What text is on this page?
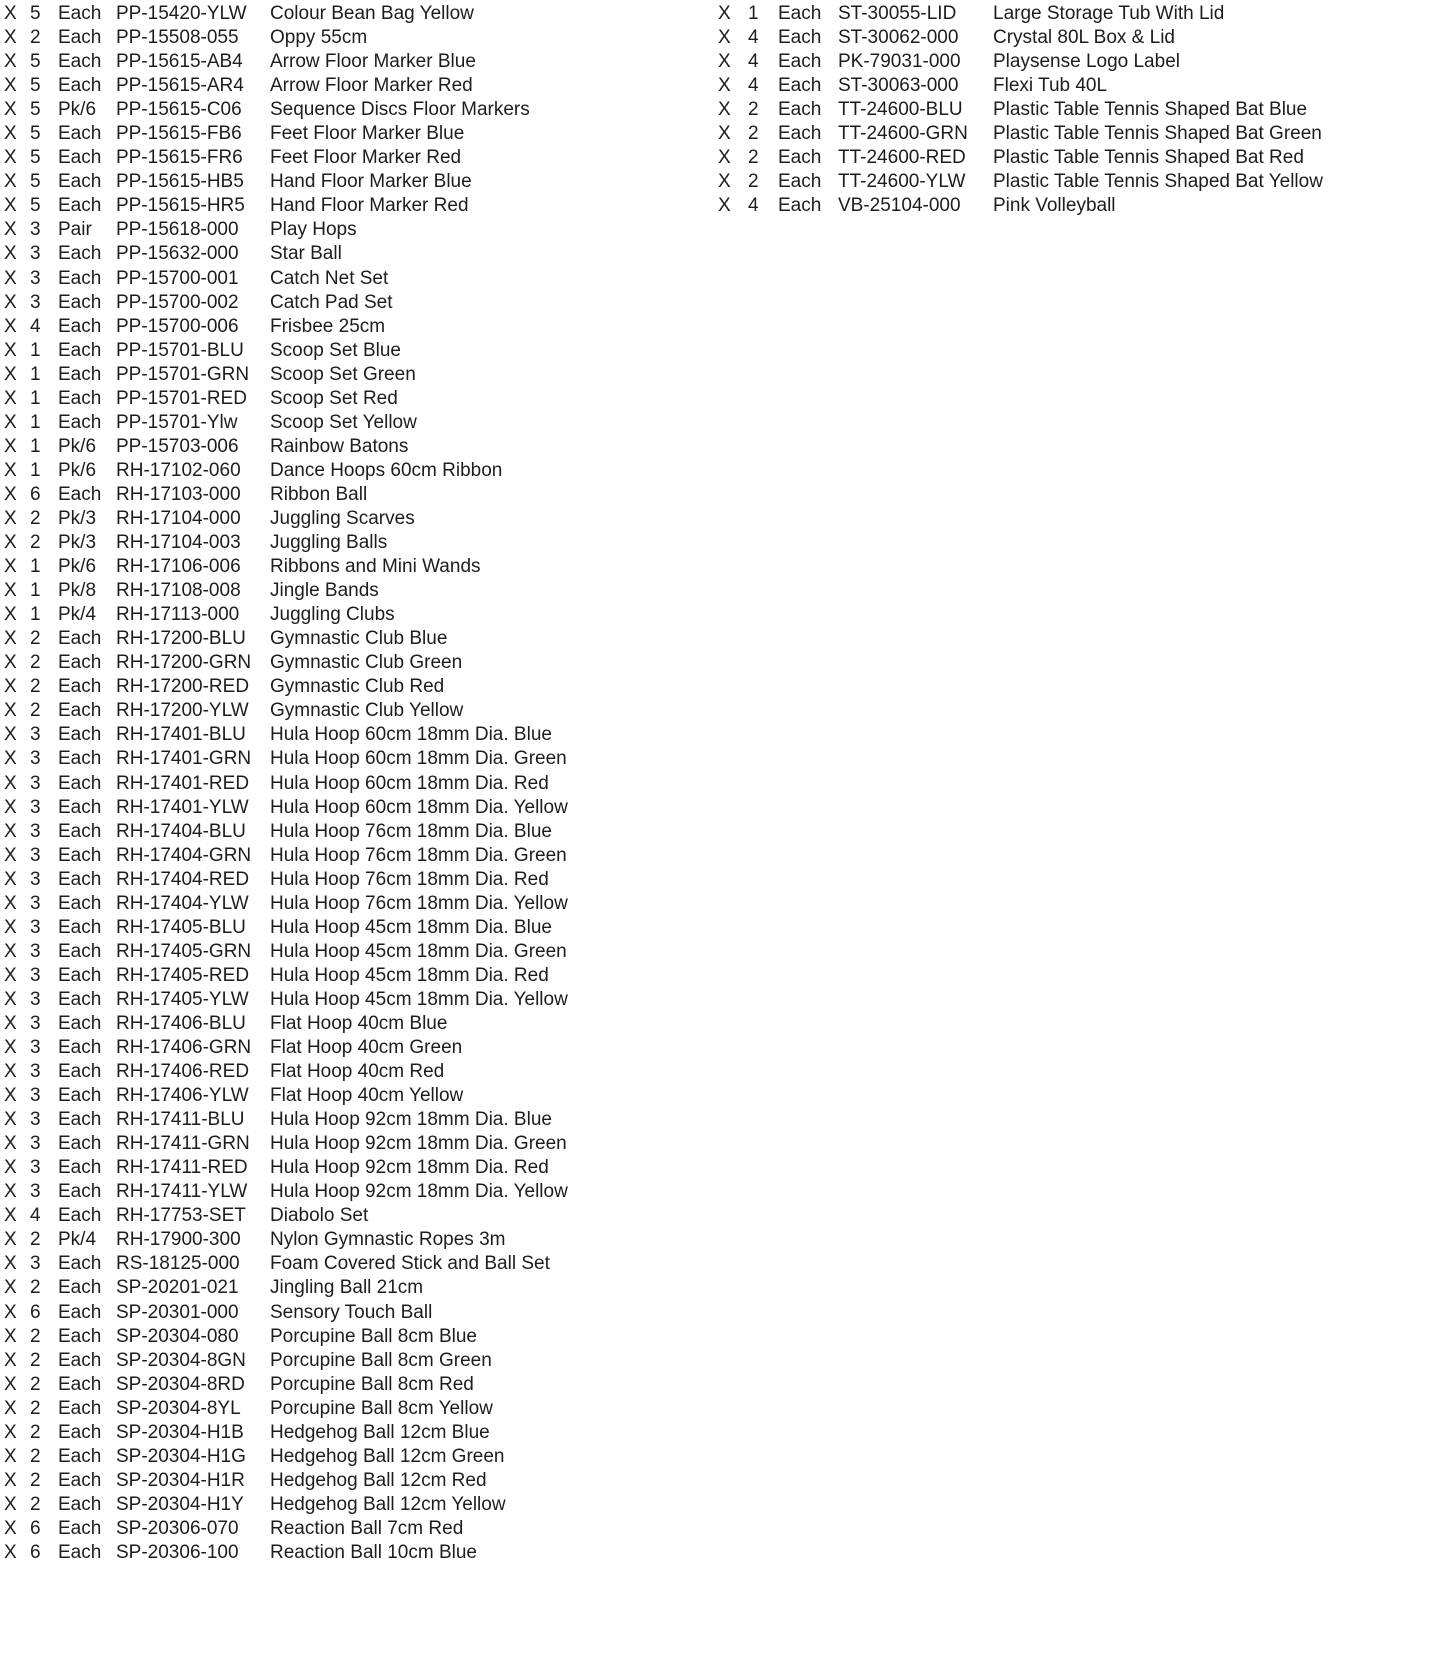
X 5 Each PP-15420-YLW	Colour Bean Bag Yellow
X 2 Each PP-15508-055	Oppy 55cm
X 5 Each PP-15615-AB4	Arrow Floor Marker Blue
X 5 Each PP-15615-AR4	Arrow Floor Marker Red
X 5 Pk/6	PP-15615-C06	Sequence Discs Floor Markers
X 5 Each PP-15615-FB6	Feet Floor Marker Blue
X 5 Each PP-15615-FR6	Feet Floor Marker Red
X 5 Each PP-15615-HB5	Hand Floor Marker Blue
X 5 Each PP-15615-HR5	Hand Floor Marker Red
X 3 Pair	PP-15618-000	Play Hops
X 3 Each PP-15632-000	Star Ball
X 3 Each PP-15700-001	Catch Net Set
X 3 Each PP-15700-002	Catch Pad Set
X 4 Each PP-15700-006	Frisbee 25cm
X 1 Each PP-15701-BLU	Scoop Set Blue
X 1 Each PP-15701-GRN	Scoop Set Green
X 1 Each PP-15701-RED	Scoop Set Red
X 1 Each PP-15701-Ylw	Scoop Set Yellow
X 1 Pk/6	PP-15703-006	Rainbow Batons
X 1 Pk/6	RH-17102-060	Dance Hoops 60cm Ribbon
X 6 Each RH-17103-000	Ribbon Ball
X 2 Pk/3	RH-17104-000	Juggling Scarves
X 2 Pk/3	RH-17104-003	Juggling Balls
X 1 Pk/6	RH-17106-006	Ribbons and Mini Wands
X 1 Pk/8	RH-17108-008	Jingle Bands
X 1 Pk/4	RH-17113-000	Juggling Clubs
X 2 Each RH-17200-BLU	Gymnastic Club Blue
X 2 Each RH-17200-GRN Gymnastic Club Green
X 2 Each RH-17200-RED	Gymnastic Club Red
X 2 Each RH-17200-YLW	Gymnastic Club Yellow
X 3 Each RH-17401-BLU	Hula Hoop 60cm 18mm Dia. Blue
X 3 Each RH-17401-GRN Hula Hoop 60cm 18mm Dia. Green
X 3 Each RH-17401-RED	Hula Hoop 60cm 18mm Dia. Red
X 3 Each RH-17401-YLW	Hula Hoop 60cm 18mm Dia. Yellow
X 3 Each RH-17404-BLU	Hula Hoop 76cm 18mm Dia. Blue
X 3 Each RH-17404-GRN Hula Hoop 76cm 18mm Dia. Green
X 3 Each RH-17404-RED	Hula Hoop 76cm 18mm Dia. Red
X 3 Each RH-17404-YLW	Hula Hoop 76cm 18mm Dia. Yellow
X 3 Each RH-17405-BLU	Hula Hoop 45cm 18mm Dia. Blue
X 3 Each RH-17405-GRN Hula Hoop 45cm 18mm Dia. Green
X 3 Each RH-17405-RED	Hula Hoop 45cm 18mm Dia. Red
X 3 Each RH-17405-YLW	Hula Hoop 45cm 18mm Dia. Yellow
X 3 Each RH-17406-BLU	Flat Hoop 40cm Blue
X 3 Each RH-17406-GRN Flat Hoop 40cm Green
X 3 Each RH-17406-RED	Flat Hoop 40cm Red
X 3 Each RH-17406-YLW	Flat Hoop 40cm Yellow
X 3 Each RH-17411-BLU	Hula Hoop 92cm 18mm Dia. Blue
X 3 Each RH-17411-GRN	Hula Hoop 92cm 18mm Dia. Green
X 3 Each RH-17411-RED	Hula Hoop 92cm 18mm Dia. Red
X 3 Each RH-17411-YLW	Hula Hoop 92cm 18mm Dia. Yellow
X 4 Each RH-17753-SET	Diabolo Set
X 2 Pk/4	RH-17900-300	Nylon Gymnastic Ropes 3m
X 3 Each RS-18125-000	Foam Covered Stick and Ball Set
X 2 Each SP-20201-021	Jingling Ball 21cm
X 6 Each SP-20301-000	Sensory Touch Ball
X 2 Each SP-20304-080	Porcupine Ball 8cm Blue
X 2 Each SP-20304-8GN	Porcupine Ball 8cm Green
X 2 Each SP-20304-8RD	Porcupine Ball 8cm Red
X 2 Each SP-20304-8YL	Porcupine Ball 8cm Yellow
X 2 Each SP-20304-H1B	Hedgehog Ball 12cm Blue
X 2 Each SP-20304-H1G	Hedgehog Ball 12cm Green
X 2 Each SP-20304-H1R	Hedgehog Ball 12cm Red
X 2 Each SP-20304-H1Y	Hedgehog Ball 12cm Yellow
X 6 Each SP-20306-070	Reaction Ball 7cm Red
X 6 Each SP-20306-100	Reaction Ball 10cm Blue
X 1	Each ST-30055-LID	Large Storage Tub With Lid
X 4	Each ST-30062-000	Crystal 80L Box & Lid
X 4	Each PK-79031-000	Playsense Logo Label
X 4	Each ST-30063-000	Flexi Tub 40L
X 2	Each TT-24600-BLU	Plastic Table Tennis Shaped Bat Blue
X 2	Each TT-24600-GRN	Plastic Table Tennis Shaped Bat Green
X 2	Each TT-24600-RED	Plastic Table Tennis Shaped Bat Red
X 2	Each TT-24600-YLW	Plastic Table Tennis Shaped Bat Yellow
X 4	Each VB-25104-000	Pink Volleyball
